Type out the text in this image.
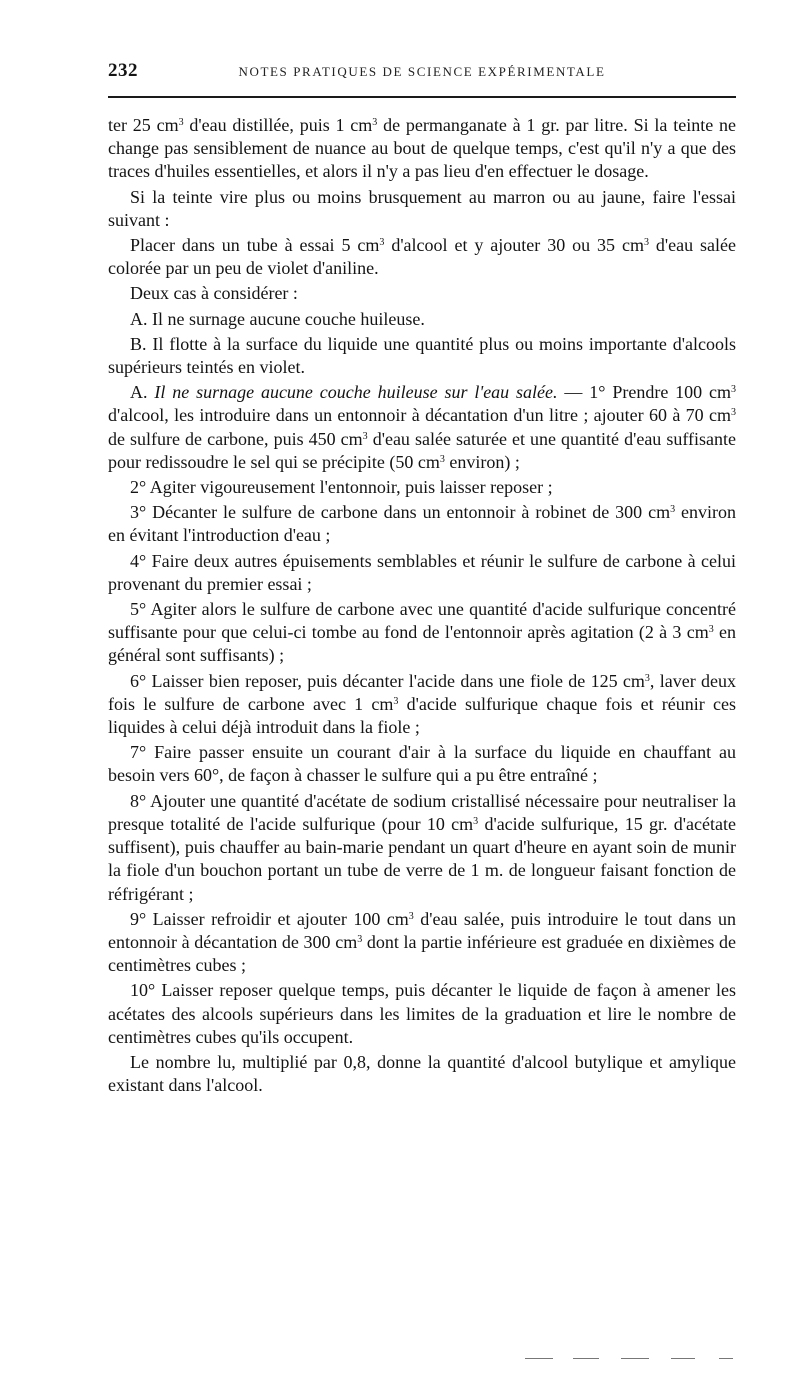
232	NOTES PRATIQUES DE SCIENCE EXPÉRIMENTALE

ter 25 $cm^3$ d'eau distillée, puis 1 $cm^3$ de permanganate à 1 gr. par litre. Si la teinte ne change pas sensiblement de nuance au bout de quelque temps, c'est qu'il n'y a que des traces d'huiles essentielles, et alors il n'y a pas lieu d'en effectuer le dosage.

Si la teinte vire plus ou moins brusquement au marron ou au jaune, faire l'essai suivant :

Placer dans un tube à essai 5 $cm^3$ d'alcool et y ajouter 30 ou 35 $cm^3$ d'eau salée colorée par un peu de violet d'aniline.

Deux cas à considérer :

A. Il ne surnage aucune couche huileuse.

B. Il flotte à la surface du liquide une quantité plus ou moins importante d'alcools supérieurs teintés en violet.

A. Il ne surnage aucune couche huileuse sur l'eau salée. — 1° Prendre 100 $cm^3$ d'alcool, les introduire dans un entonnoir à décantation d'un litre ; ajouter 60 à 70 $cm^3$ de sulfure de carbone, puis 450 $cm^3$ d'eau salée saturée et une quantité d'eau suffisante pour redissoudre le sel qui se précipite (50 $cm^3$ environ) ;

2° Agiter vigoureusement l'entonnoir, puis laisser reposer ;

3° Décanter le sulfure de carbone dans un entonnoir à robinet de 300 $cm^3$ environ en évitant l'introduction d'eau ;

4° Faire deux autres épuisements semblables et réunir le sulfure de carbone à celui provenant du premier essai ;

5° Agiter alors le sulfure de carbone avec une quantité d'acide sulfurique concentré suffisante pour que celui-ci tombe au fond de l'entonnoir après agitation (2 à 3 $cm^3$ en général sont suffisants) ;

6° Laisser bien reposer, puis décanter l'acide dans une fiole de 125 $cm^3$, laver deux fois le sulfure de carbone avec 1 $cm^3$ d'acide sulfurique chaque fois et réunir ces liquides à celui déjà introduit dans la fiole ;

7° Faire passer ensuite un courant d'air à la surface du liquide en chauffant au besoin vers 60°, de façon à chasser le sulfure qui a pu être entraîné ;

8° Ajouter une quantité d'acétate de sodium cristallisé nécessaire pour neutraliser la presque totalité de l'acide sulfurique (pour 10 $cm^3$ d'acide sulfurique, 15 gr. d'acétate suffisent), puis chauffer au bain-marie pendant un quart d'heure en ayant soin de munir la fiole d'un bouchon portant un tube de verre de 1 m. de longueur faisant fonction de réfrigérant ;

9° Laisser refroidir et ajouter 100 $cm^3$ d'eau salée, puis introduire le tout dans un entonnoir à décantation de 300 $cm^3$ dont la partie inférieure est graduée en dixièmes de centimètres cubes ;

10° Laisser reposer quelque temps, puis décanter le liquide de façon à amener les acétates des alcools supérieurs dans les limites de la graduation et lire le nombre de centimètres cubes qu'ils occupent.

Le nombre lu, multiplié par 0,8, donne la quantité d'alcool butylique et amylique existant dans l'alcool.
